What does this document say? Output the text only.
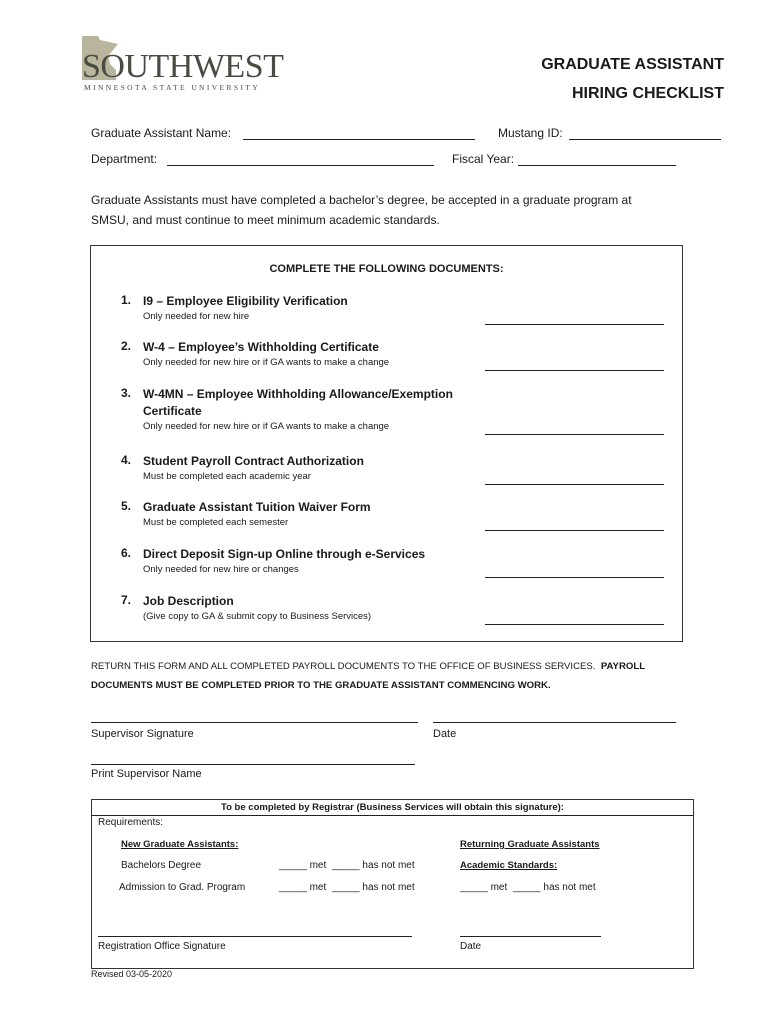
SOUTHWEST
MINNESOTA STATE UNIVERSITY
GRADUATE ASSISTANT
HIRING CHECKLIST
Graduate Assistant Name:	Mustang ID:
Department:	Fiscal Year:
Graduate Assistants must have completed a bachelor’s degree, be accepted in a graduate program at
SMSU, and must continue to meet minimum academic standards.
COMPLETE THE FOLLOWING DOCUMENTS:
1. I9 – Employee Eligibility Verification
Only needed for new hire
2. W-4 – Employee’s Withholding Certificate
Only needed for new hire or if GA wants to make a change
3. W-4MN – Employee Withholding Allowance/Exemption
Certificate
Only needed for new hire or if GA wants to make a change
4. Student Payroll Contract Authorization
Must be completed each academic year
5. Graduate Assistant Tuition Waiver Form
Must be completed each semester
6. Direct Deposit Sign-up Online through e-Services
Only needed for new hire or changes
7. Job Description
(Give copy to GA & submit copy to Business Services)
RETURN THIS FORM AND ALL COMPLETED PAYROLL DOCUMENTS TO THE OFFICE OF BUSINESS SERVICES. PAYROLL
DOCUMENTS MUST BE COMPLETED PRIOR TO THE GRADUATE ASSISTANT COMMENCING WORK.
Supervisor Signature	Date
Print Supervisor Name
To be completed by Registrar (Business Services will obtain this signature):
Requirements:
New Graduate Assistants:	Returning Graduate Assistants
Bachelors Degree	_____ met  _____ has not met	Academic Standards:
Admission to Grad. Program	_____ met  _____ has not met	_____ met  _____ has not met
Registration Office Signature	Date
Revised 03-05-2020
